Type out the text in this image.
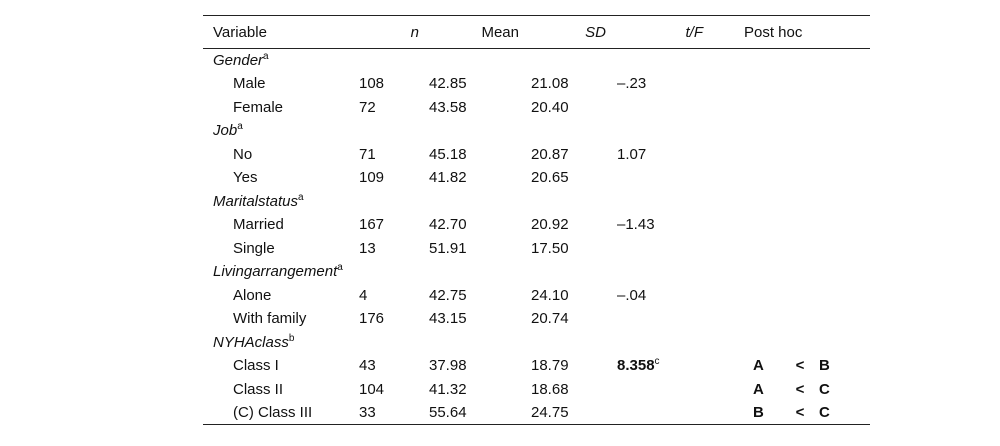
Variable	n	Mean	SD	t/F	Post hoc
Gender$^a$					
Male	108	42.85	21.08	–.23	
Female	72	43.58	20.40		
Job$^a$					
No	71	45.18	20.87	1.07	
Yes	109	41.82	20.65		
Maritalstatus$^a$					
Married	167	42.70	20.92	–1.43	
Single	13	51.91	17.50		
Livingarrangement$^a$					
Alone	4	42.75	24.10	–.04	
With family	176	43.15	20.74		
NYHAclass$^b$					
Class I	43	37.98	18.79	8.358$^c$	A < B
Class II	104	41.32	18.68		A < C
(C) Class III	33	55.64	24.75		B < C
